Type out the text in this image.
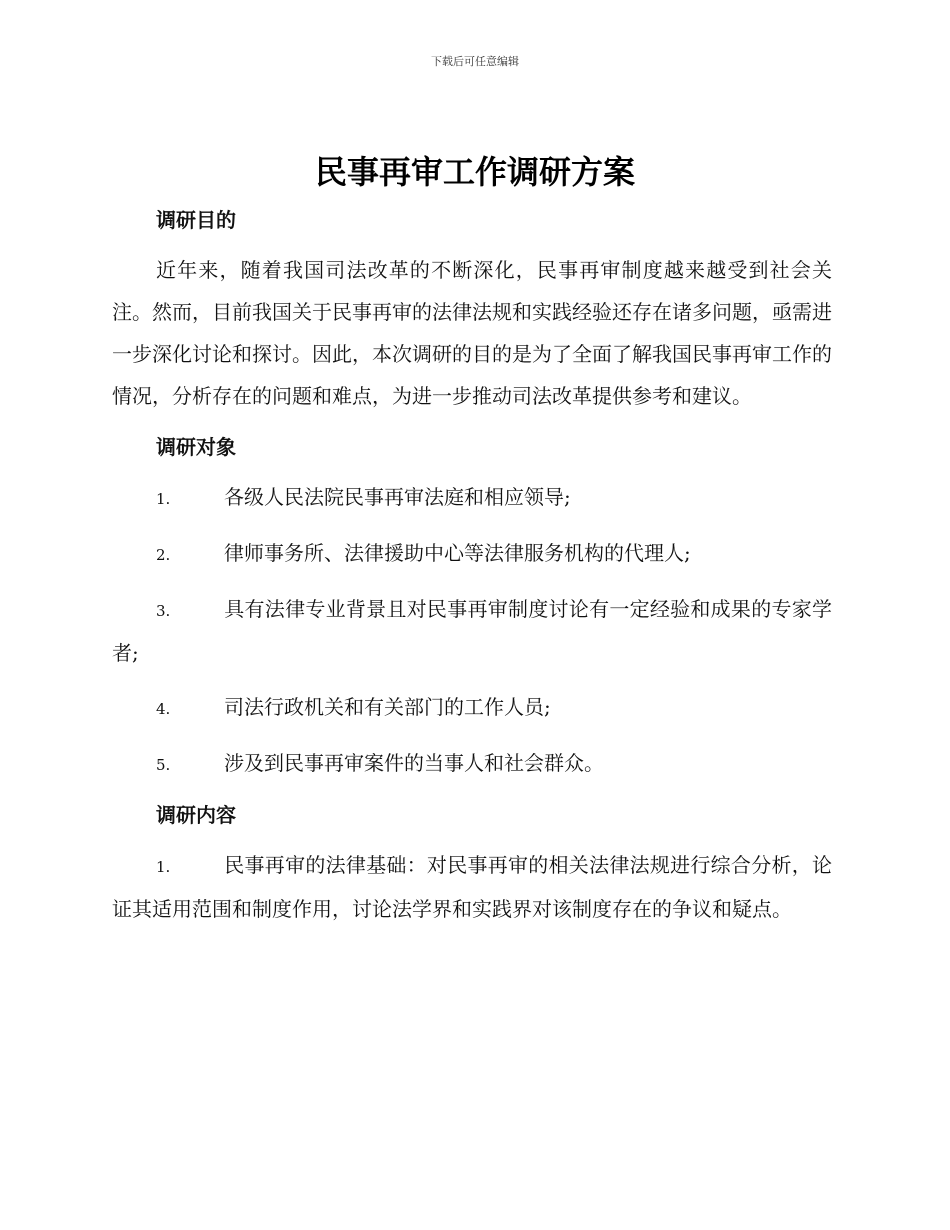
下载后可任意编辑
民事再审工作调研方案
调研目的

近年来，随着我国司法改革的不断深化，民事再审制度越来越受到社会关注。然而，目前我国关于民事再审的法律法规和实践经验还存在诸多问题，亟需进一步深化讨论和探讨。因此，本次调研的目的是为了全面了解我国民事再审工作的情况，分析存在的问题和难点，为进一步推动司法改革提供参考和建议。

调研对象

1.	各级人民法院民事再审法庭和相应领导;

2.	律师事务所、法律援助中心等法律服务机构的代理人;

3.	具有法律专业背景且对民事再审制度讨论有一定经验和成果的专家学者;

4.	司法行政机关和有关部门的工作人员;

5.	涉及到民事再审案件的当事人和社会群众。

调研内容

1.	民事再审的法律基础：对民事再审的相关法律法规进行综合分析，论证其适用范围和制度作用，讨论法学界和实践界对该制度存在的争议和疑点。
